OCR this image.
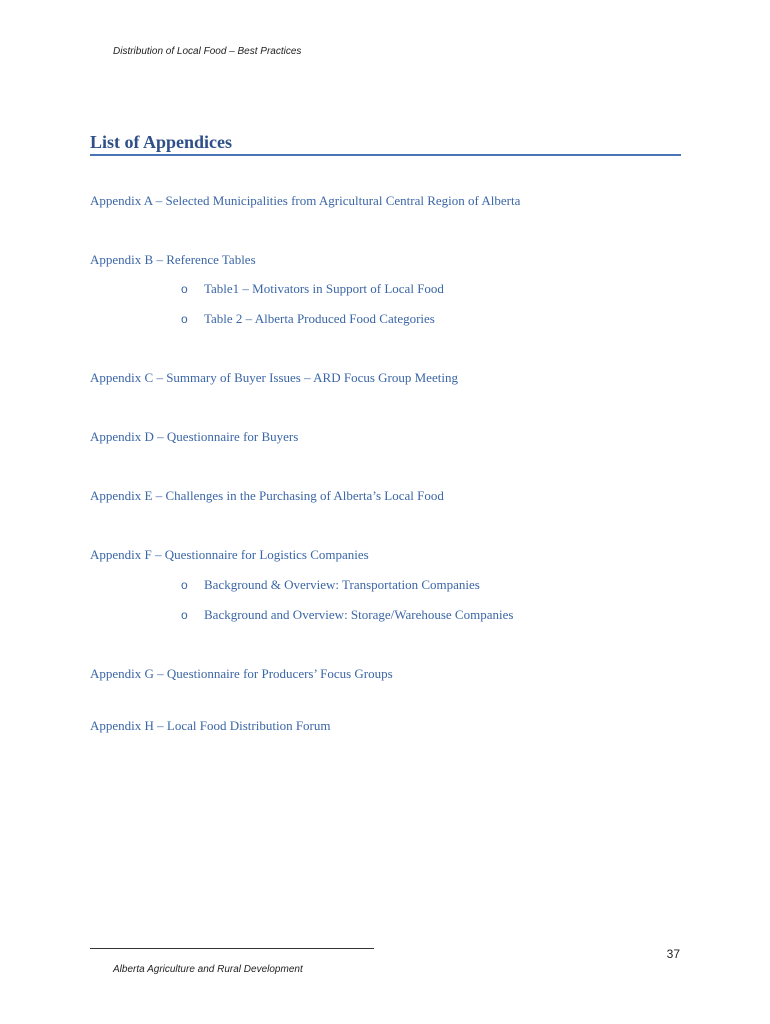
Distribution of Local Food – Best Practices
List of Appendices
Appendix A – Selected Municipalities from Agricultural Central Region of Alberta
Appendix B – Reference Tables
o Table1 – Motivators in Support of Local Food
o Table 2 – Alberta Produced Food Categories
Appendix C – Summary of Buyer Issues – ARD Focus Group Meeting
Appendix D – Questionnaire for Buyers
Appendix E – Challenges in the Purchasing of Alberta’s Local Food
Appendix F – Questionnaire for Logistics Companies
o Background & Overview: Transportation Companies
o Background and Overview: Storage/Warehouse Companies
Appendix G – Questionnaire for Producers’ Focus Groups
Appendix H – Local Food Distribution Forum
37
Alberta Agriculture and Rural Development
